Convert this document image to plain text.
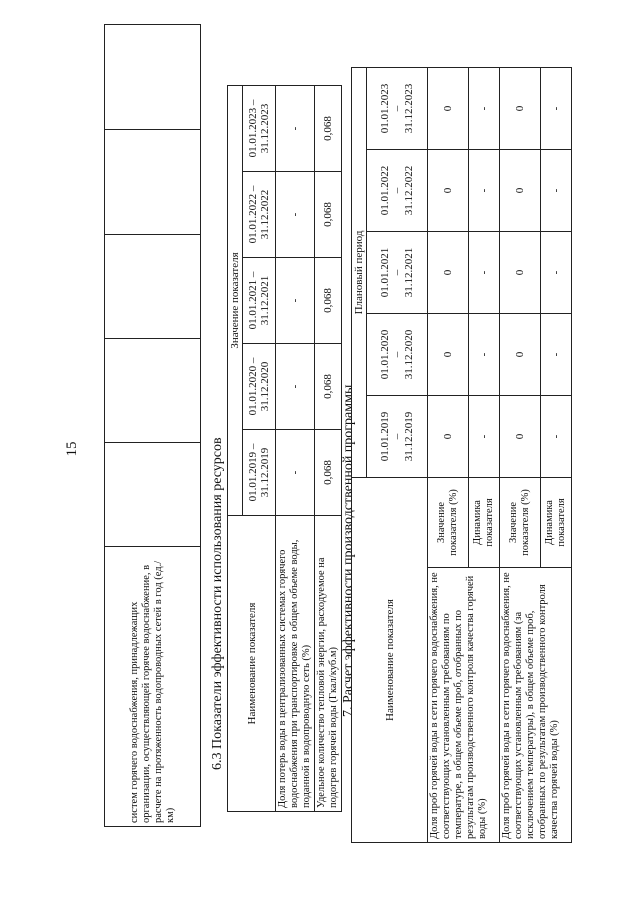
15
систем горячего водоснабжения, принадлежащих организации, осуществляющей горячее водоснабжение, в расчете на протяженность водопроводных сетей в год (ед./км)					
6.3 Показатели эффективности использования ресурсов Наименование показателя	Значение показателя				
	01.01.2019 – 31.12.2019	01.01.2020 – 31.12.2020	01.01.2021 – 31.12.2021	01.01.2022 – 31.12.2022	01.01.2023 – 31.12.2023
Доля потерь воды в централизованных системах горячего водоснабжения при транспортировке в общем объеме воды, поданной в водопроводную сеть (%)	-	-	-	-	-
Удельное количество тепловой энергии, расходуемое на подогрев горячей воды (Гкал/куб.м)	0,068	0,068	0,068	0,068	0,068
7. Расчет эффективности производственной программы	Наименование показателя		Плановый период				
		01.01.2019
–
31.12.2019	01.01.2020
–
31.12.2020	01.01.2021
–
31.12.2021	01.01.2022
–
31.12.2022	01.01.2023
–
31.12.2023
Доля проб горячей воды в сети горячего водоснабжения, не соответствующих установленным требованиям по температуре, в общем объеме проб, отобранных по результатам производственного контроля качества горячей воды (%)	Значение показателя (%)	0	0	0	0	0
	Динамика показателя	-	-	-	-	-
Доля проб горячей воды в сети горячего водоснабжения, не соответствующих установленным требованиям (за исключением температуры), в общем объеме проб, отобранных по результатам производственного контроля качества горячей воды (%)	Значение показателя (%)	0	0	0	0	0
	Динамика показателя	-	-	-	-	-
